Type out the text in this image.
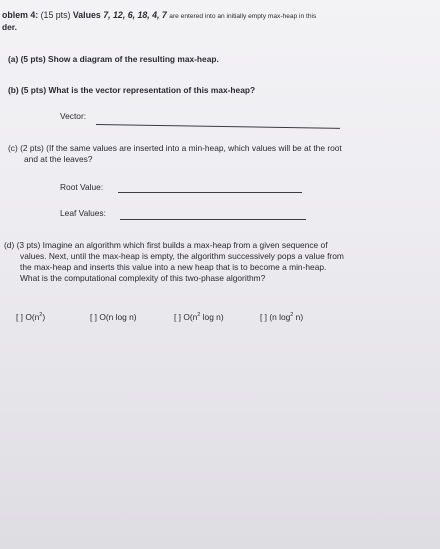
oblem 4: (15 pts) Values 7, 12, 6, 18, 4, 7 are entered into an initially empty max-heap in this
der.
(a) (5 pts) Show a diagram of the resulting max-heap.
(b) (5 pts) What is the vector representation of this max-heap?
Vector:
(c) (2 pts) (If the same values are inserted into a min-heap, which values will be at the root
and at the leaves?
Root Value:
Leaf Values:
(d) (3 pts) Imagine an algorithm which first builds a max-heap from a given sequence of
values. Next, until the max-heap is empty, the algorithm successively pops a value from
the max-heap and inserts this value into a new heap that is to become a min-heap.
What is the computational complexity of this two-phase algorithm?
[ ] $O(n^2)$	[ ] O(n log n)	[ ] $O(n^2$ log n)	[ ] (n $\log^2 n$)
